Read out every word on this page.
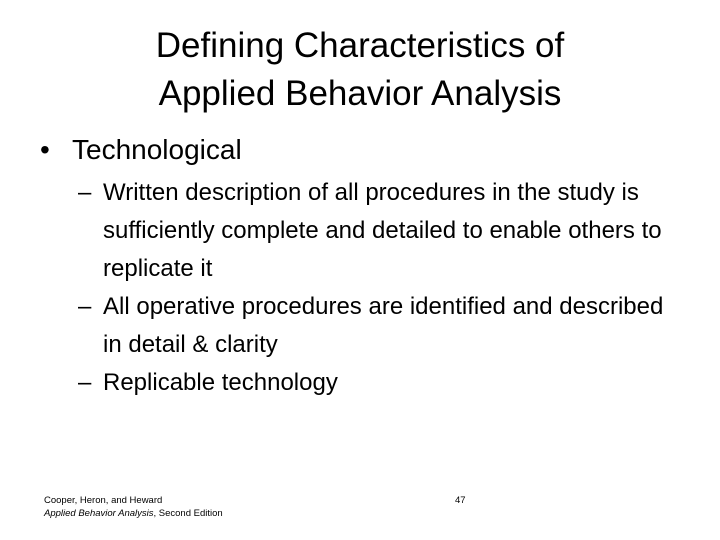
Defining Characteristics of
Applied Behavior Analysis
• Technological
– Written description of all procedures in the study is sufficiently complete and detailed to enable others to replicate it
– All operative procedures are identified and described in detail & clarity
– Replicable technology
Cooper, Heron, and Heward
Applied Behavior Analysis, Second Edition
47
